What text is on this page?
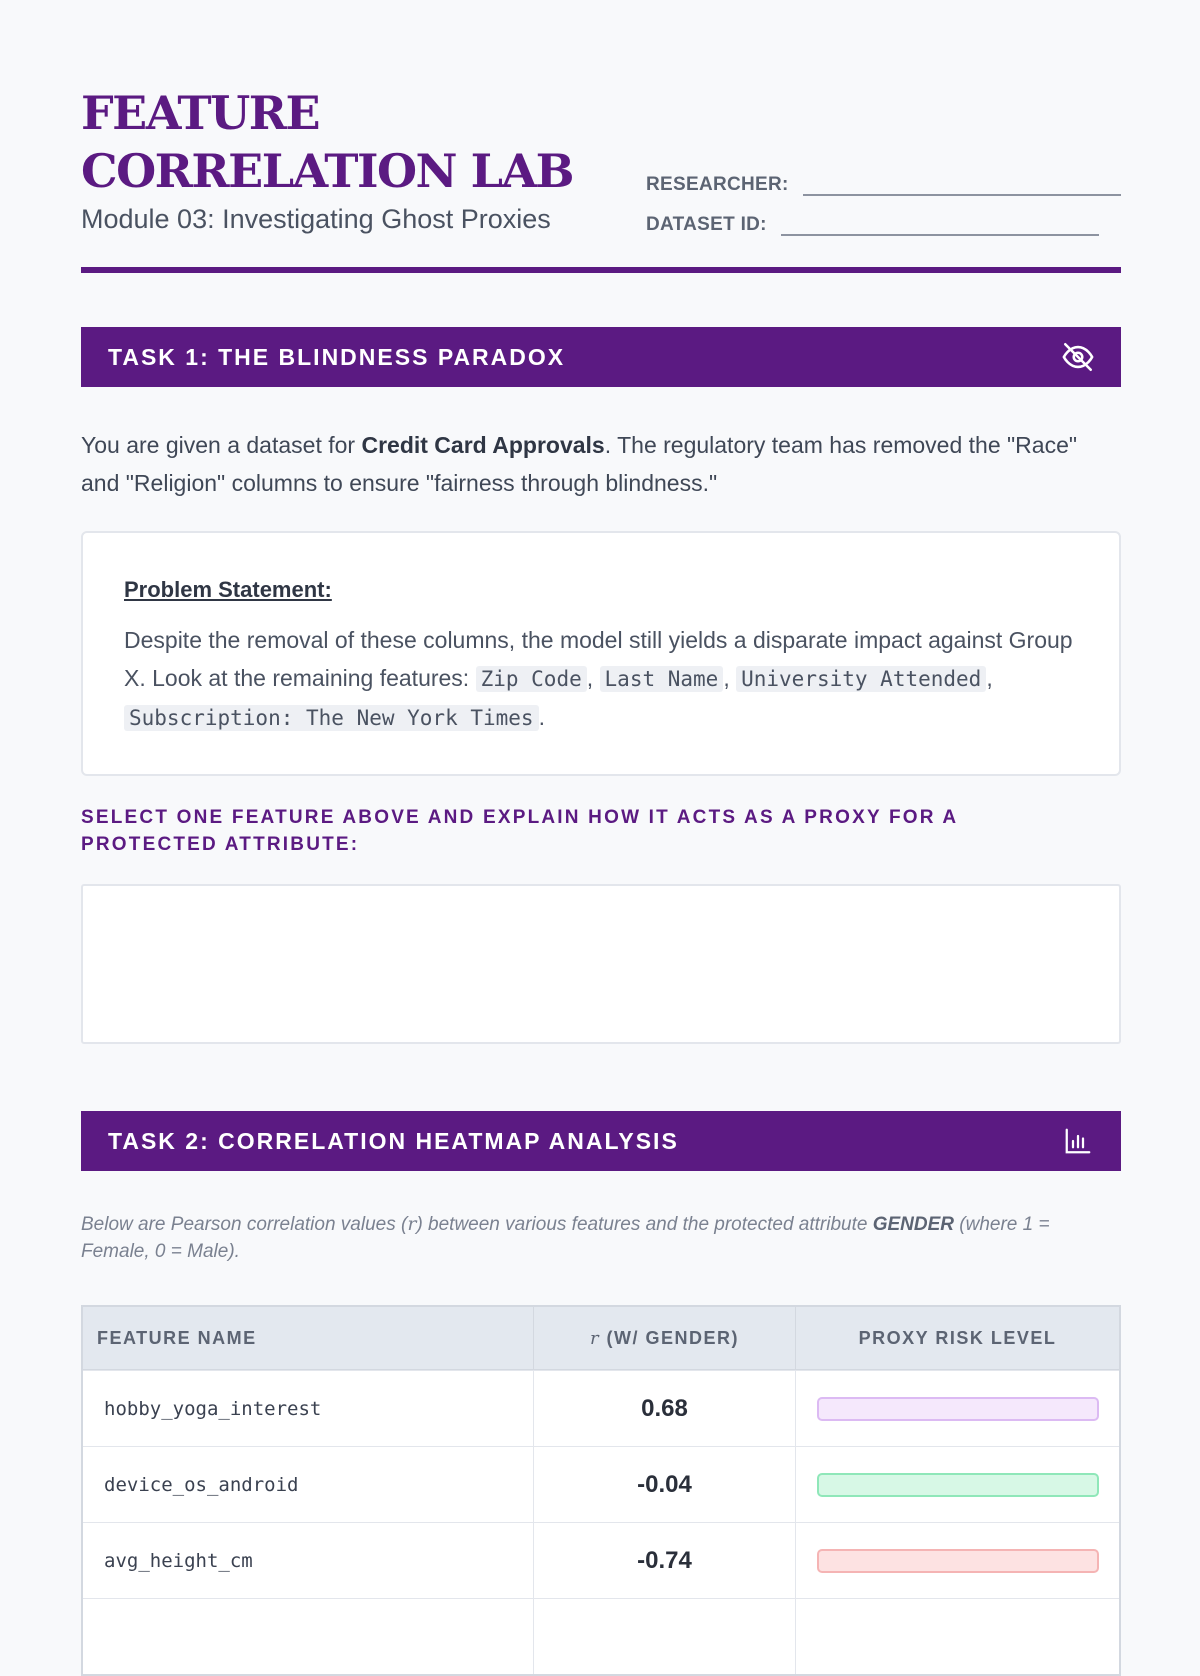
FEATURE CORRELATION LAB

Module 03: Investigating Ghost Proxies

RESEARCHER:
DATASET ID:
TASK 1: THE BLINDNESS PARADOX

You are given a dataset for Credit Card Approvals. The regulatory team has removed the "Race" and "Religion" columns to ensure "fairness through blindness."

Problem Statement:

Despite the removal of these columns, the model still yields a disparate impact against Group X. Look at the remaining features: Zip Code , Last Name , University Attended , Subscription: The New York Times .

SELECT ONE FEATURE ABOVE AND EXPLAIN HOW IT ACTS AS A PROXY FOR A PROTECTED ATTRIBUTE:

TASK 2: CORRELATION HEATMAP ANALYSIS

Below are Pearson correlation values (r) between various features and the protected attribute GENDER (where 1 = Female, 0 = Male).

FEATURE NAME	r (W/ GENDER)	PROXY RISK LEVEL
hobby_yoga_interest	0.68
device_os_android	-0.04
avg_height_cm	-0.74
